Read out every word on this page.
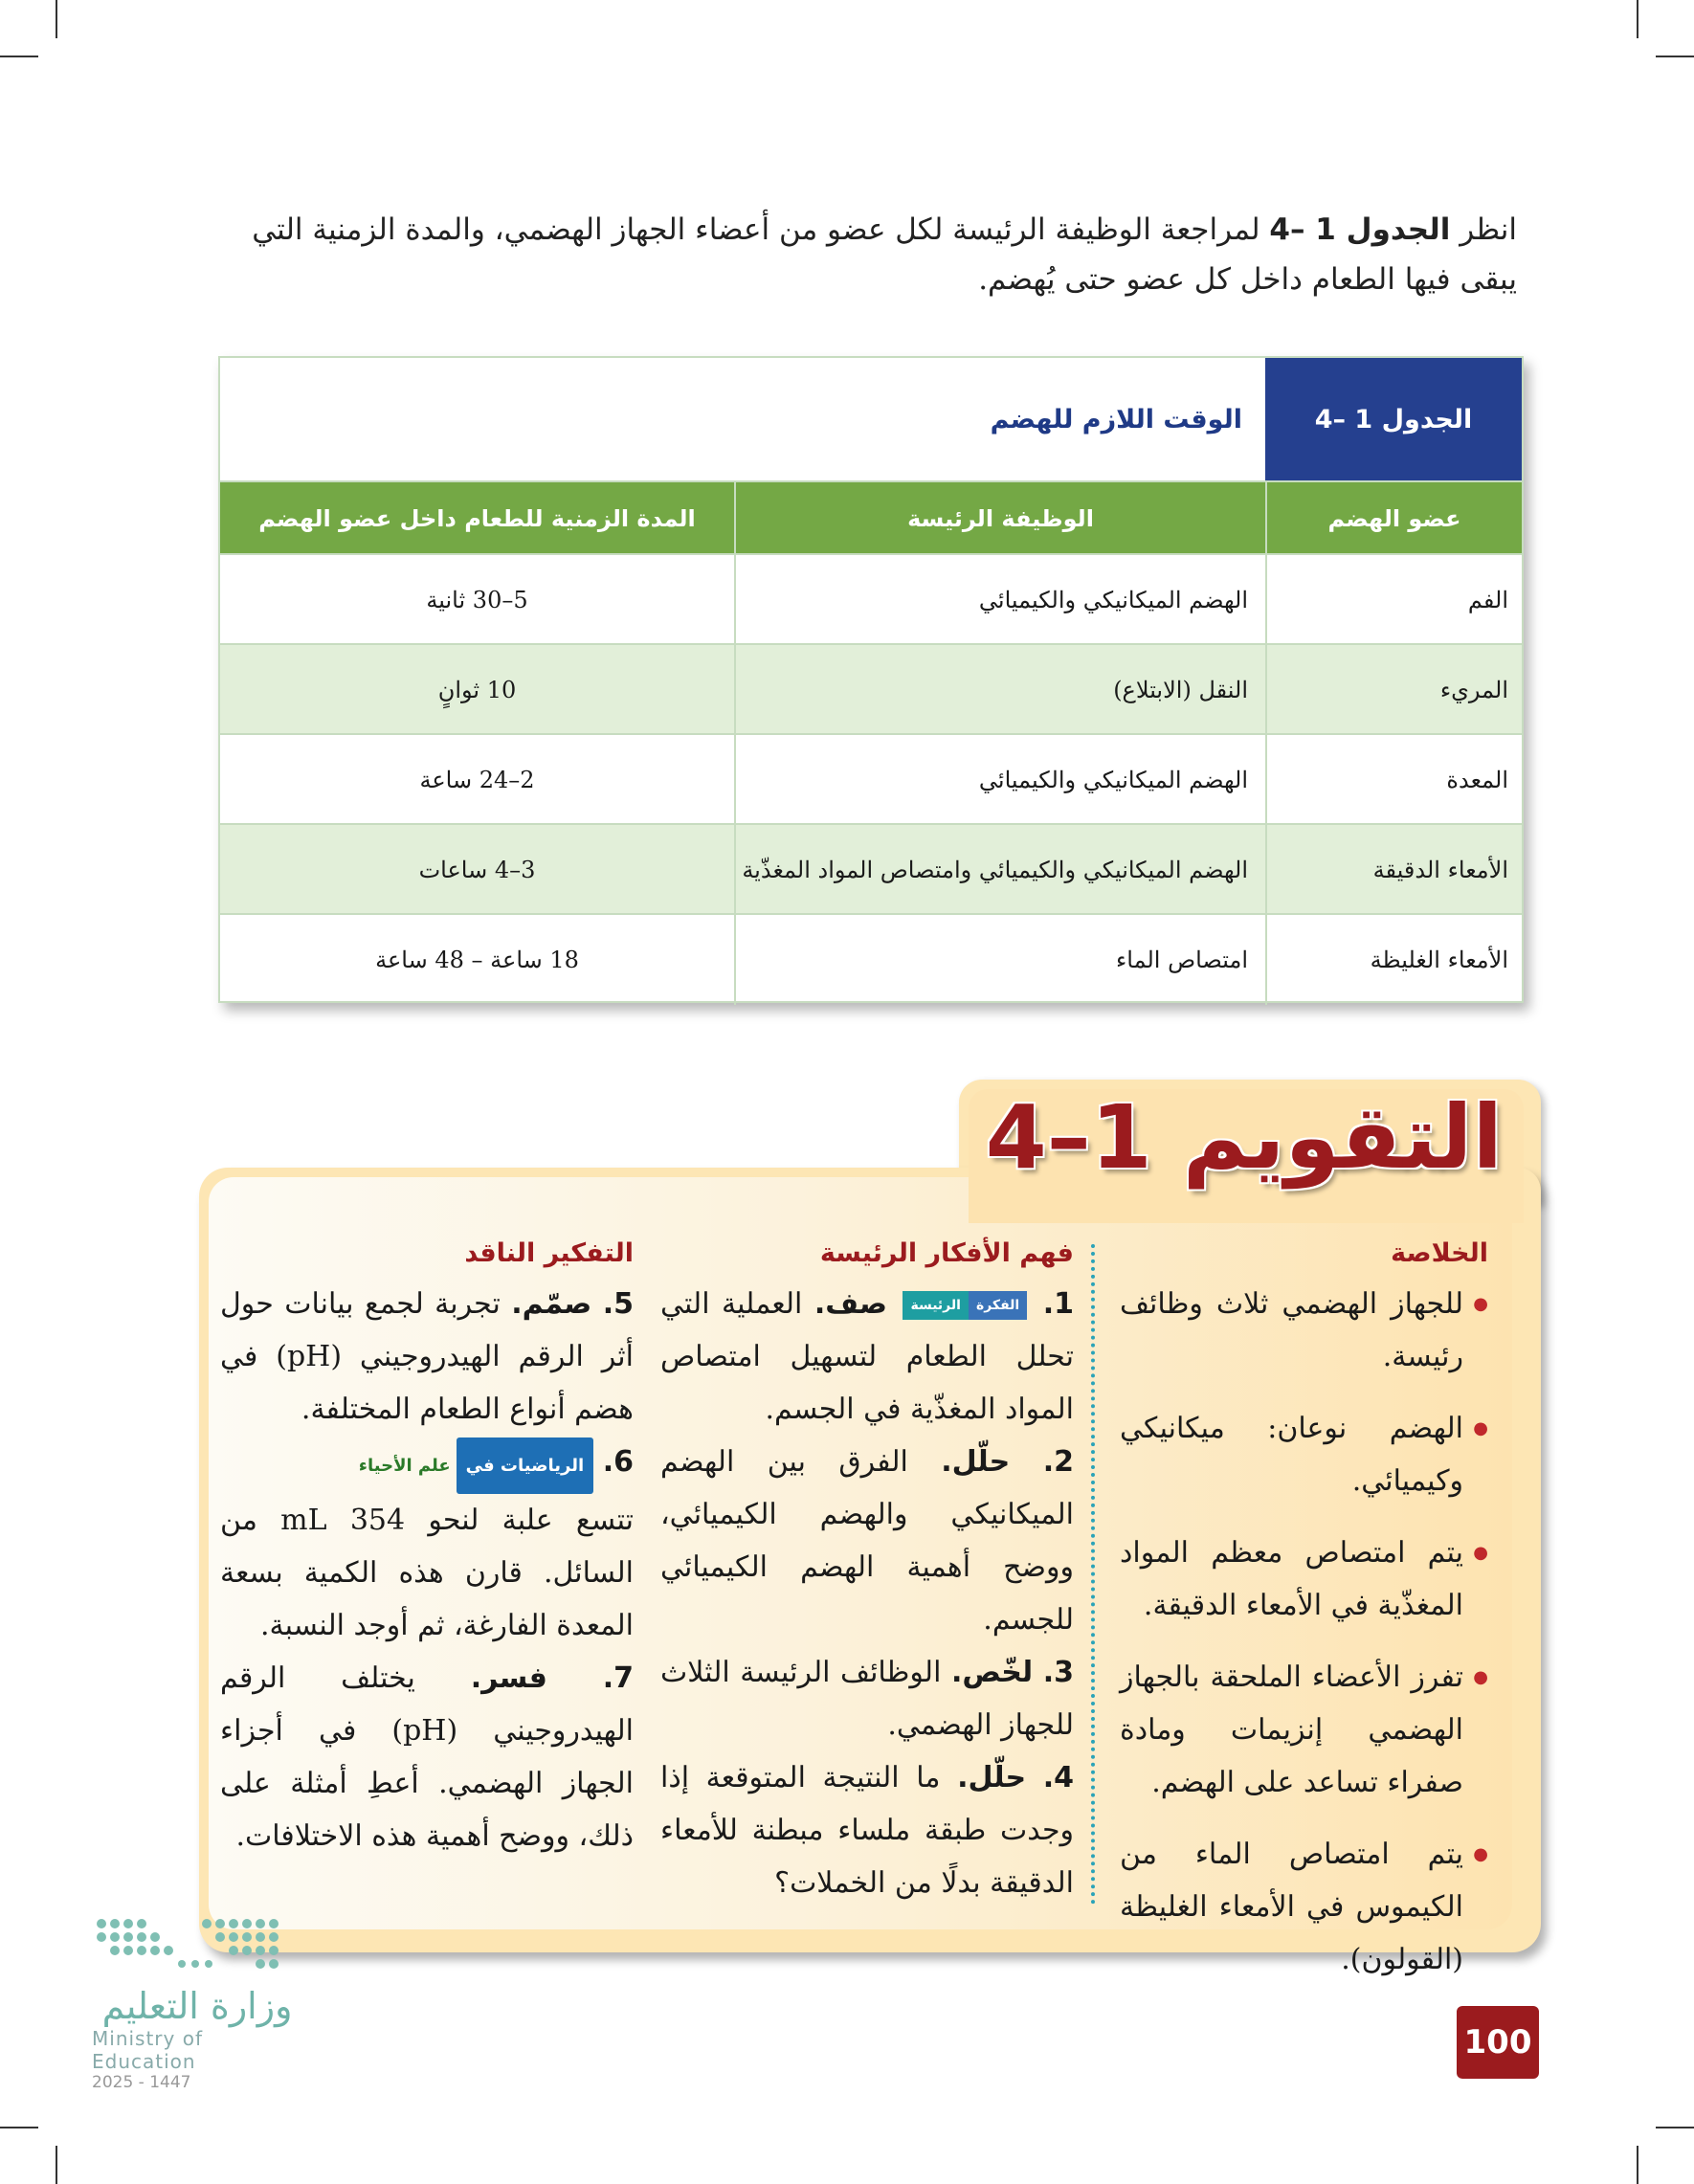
انظر الجدول 1 –4 لمراجعة الوظيفة الرئيسة لكل عضو من أعضاء الجهاز الهضمي، والمدة الزمنية التي يبقى فيها الطعام داخل كل عضو حتى يُهضم.
الجدول 1 –4
الوقت اللازم للهضم
عضو الهضم
الوظيفة الرئيسة
المدة الزمنية للطعام داخل عضو الهضم
الفم
الهضم الميكانيكي والكيميائي
5–30 ثانية
المريء
النقل (الابتلاع)
10 ثوانٍ
المعدة
الهضم الميكانيكي والكيميائي
2–24 ساعة
الأمعاء الدقيقة
الهضم الميكانيكي والكيميائي وامتصاص المواد المغذّية
3–4 ساعات
الأمعاء الغليظة
امتصاص الماء
18 ساعة – 48 ساعة
التقويم 1–4
الخلاصة
● للجهاز الهضمي ثلاث وظائف رئيسة.
● الهضم نوعان: ميكانيكي وكيميائي.
● يتم امتصاص معظم المواد المغذّية في الأمعاء الدقيقة.
● تفرز الأعضاء الملحقة بالجهاز الهضمي إنزيمات ومادة صفراء تساعد على الهضم.
● يتم امتصاص الماء من الكيموس في الأمعاء الغليظة (القولون).
فهم الأفكار الرئيسة

1.
الفكرة
الرئيسة
صف. العملية التي تحلل الطعام لتسهيل امتصاص المواد المغذّية في الجسم.

2. حلّل. الفرق بين الهضم الميكانيكي والهضم الكيميائي، ووضح أهمية الهضم الكيميائي للجسم.

3. لخّص. الوظائف الرئيسة الثلاث للجهاز الهضمي.

4. حلّل. ما النتيجة المتوقعة إذا وجدت طبقة ملساء مبطنة للأمعاء الدقيقة بدلًا من الخملات؟

التفكير الناقد

5. صمّم. تجربة لجمع بيانات حول أثر الرقم الهيدروجيني (pH) في هضم أنواع الطعام المختلفة.

6.
الرياضيات في
علم الأحياء

تتسع علبة لنحو 354 mL من السائل. قارن هذه الكمية بسعة المعدة الفارغة، ثم أوجد النسبة.

7. فسر. يختلف الرقم الهيدروجيني (pH) في أجزاء الجهاز الهضمي. أعطِ أمثلة على ذلك، ووضح أهمية هذه الاختلافات.

100
وزارة التعليم
Ministry of Education
2025 - 1447
